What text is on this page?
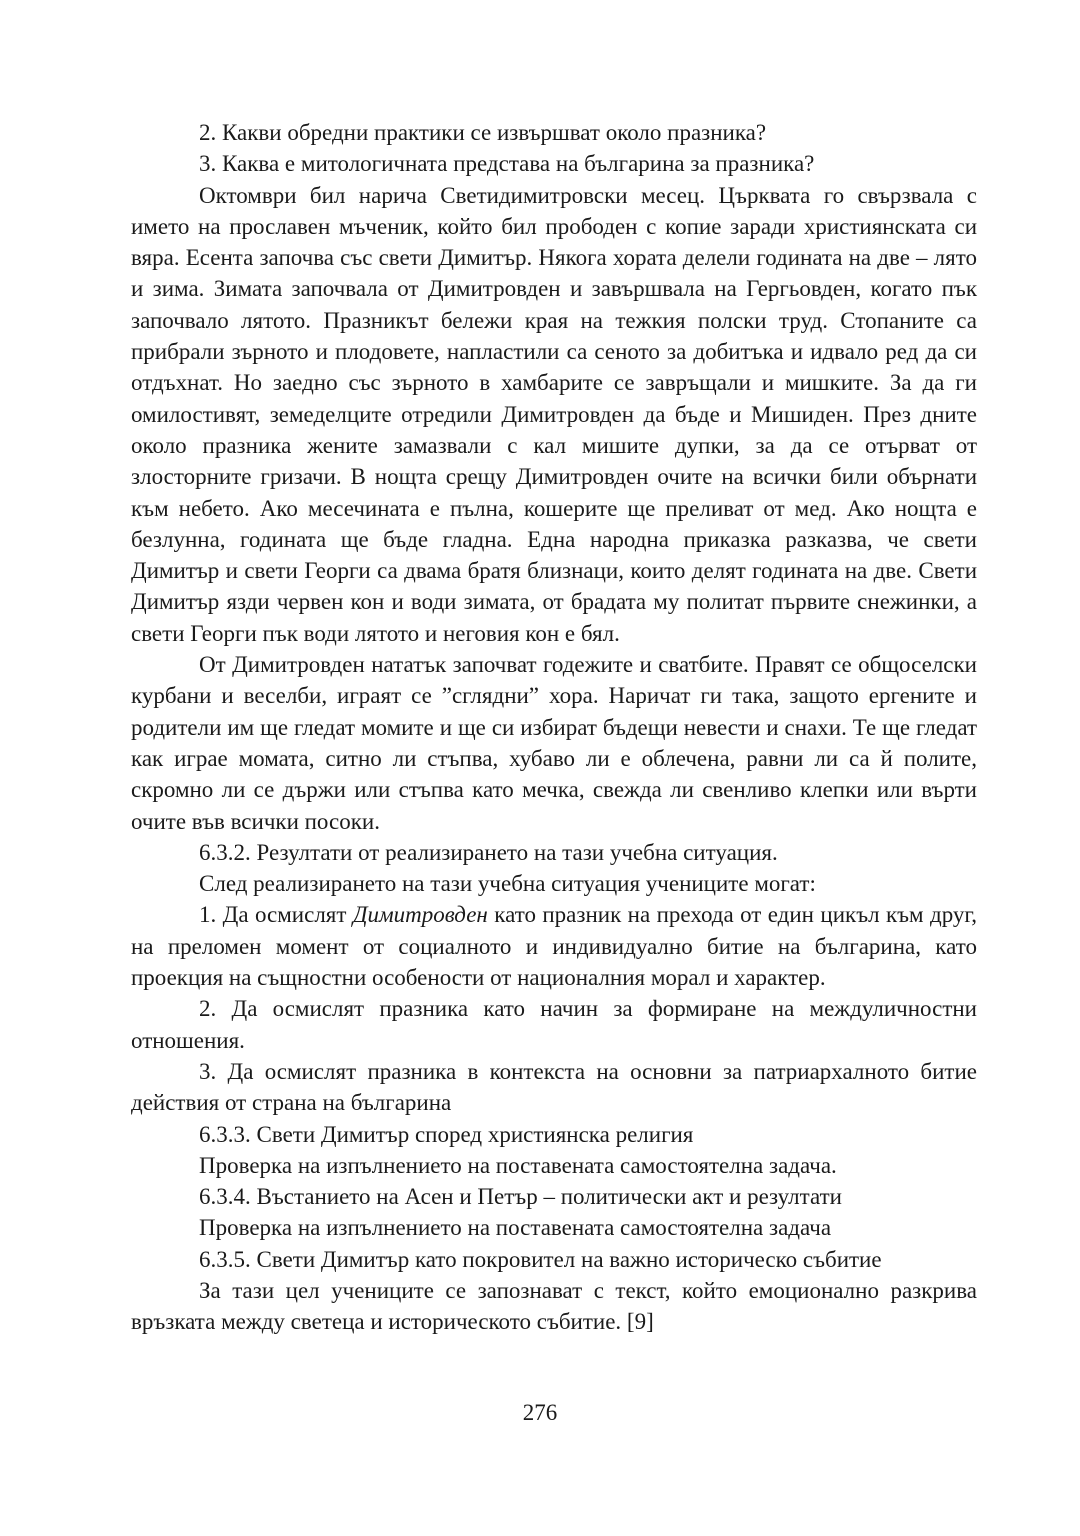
2. Какви обредни практики се извършват около празника?

3. Каква е митологичната представа на българина за празника?

Октомври бил нарича Светидимитровски месец. Църквата го свързвала с името на прославен мъченик, който бил прободен с копие заради християнската си вяра. Есента започва със свети Димитър. Някога хората делели годината на две – лято и зима. Зимата започвала от Димитровден и завършвала на Гергьовден, когато пък започвало лятото. Празникът бележи края на тежкия полски труд. Стопаните са прибрали зърното и плодовете, напластили са сеното за добитъка и идвало ред да си отдъхнат. Но заедно със зърното в хамбарите се завръщали и мишките. За да ги омилостивят, земеделците отредили Димитровден да бъде и Мишиден. През дните около празника жените замазвали с кал мишите дупки, за да се отърват от злосторните гризачи. В нощта срещу Димитровден очите на всички били обърнати към небето. Ако месечината е пълна, кошерите ще преливат от мед. Ако нощта е безлунна, годината ще бъде гладна. Една народна приказка разказва, че свети Димитър и свети Георги са двама братя близнаци, които делят годината на две. Свети Димитър язди червен кон и води зимата, от брадата му политат първите снежинки, а свети Георги пък води лятото и неговия кон е бял.

От Димитровден нататък започват годежите и сватбите. Правят се общоселски курбани и веселби, играят се ”сглядни” хора. Наричат ги така, защото ергените и родители им ще гледат момите и ще си избират бъдещи невести и снахи. Те ще гледат как играе момата, ситно ли стъпва, хубаво ли е облечена, равни ли са й полите, скромно ли се държи или стъпва като мечка, свежда ли свенливо клепки или върти очите във всички посоки.

6.3.2. Резултати от реализирането на тази учебна ситуация.

След реализирането на тази учебна ситуация учениците могат:

1. Да осмислят Димитровден като празник на прехода от един цикъл към друг, на преломен момент от социалното и индивидуално битие на българина, като проекция на същностни особености от националния морал и характер.

2. Да осмислят празника като начин за формиране на междуличностни отношения.

3. Да осмислят празника в контекста на основни за патриархалното битие действия от страна на българина

6.3.3. Свети Димитър според християнска религия

Проверка на изпълнението на поставената самостоятелна задача.

6.3.4. Въстанието на Асен и Петър – политически акт и резултати

Проверка на изпълнението на поставената самостоятелна задача

6.3.5. Свети Димитър като покровител на важно историческо събитие

За тази цел учениците се запознават с текст, който емоционално разкрива връзката между светеца и историческото събитие. [9]

276
